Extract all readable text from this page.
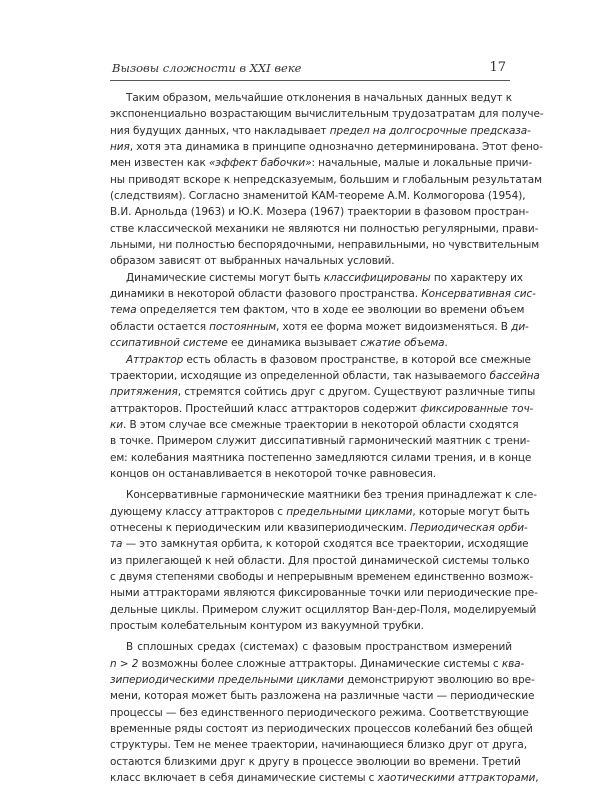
Вызовы сложности в XXI веке	17
Таким образом, мельчайшие отклонения в начальных данных ведут к
экспоненциально возрастающим вычислительным трудозатратам для получе-
ния будущих данных, что накладывает предел на долгосрочные предсказа-
ния, хотя эта динамика в принципе однозначно детерминирована. Этот фено-
мен известен как «эффект бабочки»: начальные, малые и локальные причи-
ны приводят вскоре к непредсказуемым, большим и глобальным результатам
(следствиям). Согласно знаменитой КАМ-теореме А.М. Колмогорова (1954),
В.И. Арнольда (1963) и Ю.К. Мозера (1967) траектории в фазовом простран-
стве классической механики не являются ни полностью регулярными, прави-
льными, ни полностью беспорядочными, неправильными, но чувствительным
образом зависят от выбранных начальных условий.
Динамические системы могут быть классифицированы по характеру их
динамики в некоторой области фазового пространства. Консервативная сис-
тема определяется тем фактом, что в ходе ее эволюции во времени объем
области остается постоянным, хотя ее форма может видоизменяться. В ди-
ссипативной системе ее динамика вызывает сжатие объема.
Аттрактор есть область в фазовом пространстве, в которой все смежные
траектории, исходящие из определенной области, так называемого бассейна
притяжения, стремятся сойтись друг с другом. Существуют различные типы
аттракторов. Простейший класс аттракторов содержит фиксированные точ-
ки. В этом случае все смежные траектории в некоторой области сходятся
в точке. Примером служит диссипативный гармонический маятник с трени-
ем: колебания маятника постепенно замедляются силами трения, и в конце
концов он останавливается в некоторой точке равновесия.
Консервативные гармонические маятники без трения принадлежат к сле-
дующему классу аттракторов с предельными циклами, которые могут быть
отнесены к периодическим или квазипериодическим. Периодическая орби-
та — это замкнутая орбита, к которой сходятся все траектории, исходящие
из прилегающей к ней области. Для простой динамической системы только
с двумя степенями свободы и непрерывным временем единственно возмож-
ными аттракторами являются фиксированные точки или периодические пре-
дельные циклы. Примером служит осциллятор Ван-дер-Поля, моделируемый
простым колебательным контуром из вакуумной трубки.
В сплошных средах (системах) с фазовым пространством измерений
n > 2 возможны более сложные аттракторы. Динамические системы с ква-
зипериодическими предельными циклами демонстрируют эволюцию во вре-
мени, которая может быть разложена на различные части — периодические
процессы — без единственного периодического режима. Соответствующие
временные ряды состоят из периодических процессов колебаний без общей
структуры. Тем не менее траектории, начинающиеся близко друг от друга,
остаются близкими друг к другу в процессе эволюции во времени. Третий
класс включает в себя динамические системы с хаотическими аттракторами,
